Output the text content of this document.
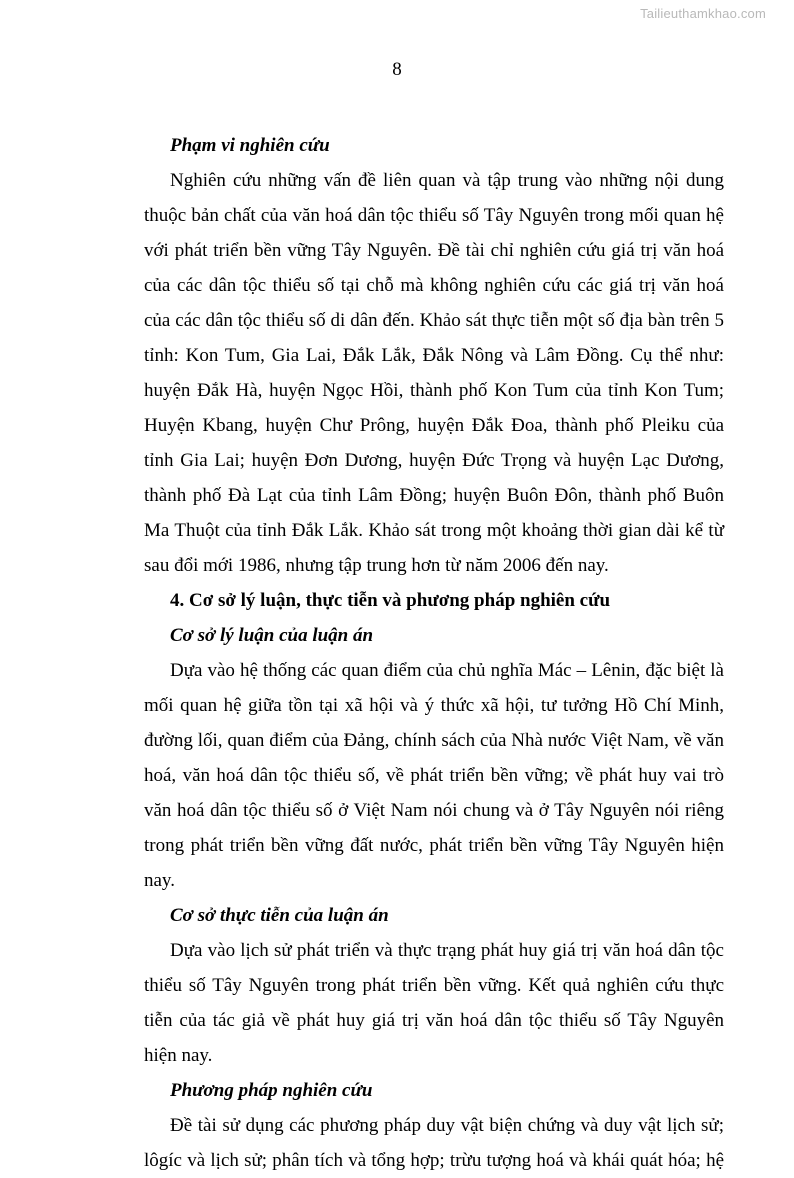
Tailieuthamkhao.com
8

Phạm vi nghiên cứu

Nghiên cứu những vấn đề liên quan và tập trung vào những nội dung thuộc bản chất của văn hoá dân tộc thiểu số Tây Nguyên trong mối quan hệ với phát triển bền vững Tây Nguyên. Đề tài chỉ nghiên cứu giá trị văn hoá của các dân tộc thiểu số tại chỗ mà không nghiên cứu các giá trị văn hoá của các dân tộc thiểu số di dân đến. Khảo sát thực tiễn một số địa bàn trên 5 tỉnh: Kon Tum, Gia Lai, Đắk Lắk, Đắk Nông và Lâm Đồng. Cụ thể như: huyện Đắk Hà, huyện Ngọc Hồi, thành phố Kon Tum của tỉnh Kon Tum; Huyện Kbang, huyện Chư Prông, huyện Đắk Đoa, thành phố Pleiku của tỉnh Gia Lai; huyện Đơn Dương, huyện Đức Trọng và huyện Lạc Dương, thành phố Đà Lạt của tỉnh Lâm Đồng; huyện Buôn Đôn, thành phố Buôn Ma Thuột của tỉnh Đắk Lắk. Khảo sát trong một khoảng thời gian dài kể từ sau đổi mới 1986, nhưng tập trung hơn từ năm 2006 đến nay.

4. Cơ sở lý luận, thực tiễn và phương pháp nghiên cứu

Cơ sở lý luận của luận án

Dựa vào hệ thống các quan điểm của chủ nghĩa Mác – Lênin, đặc biệt là mối quan hệ giữa tồn tại xã hội và ý thức xã hội, tư tưởng Hồ Chí Minh, đường lối, quan điểm của Đảng, chính sách của Nhà nước Việt Nam, về văn hoá, văn hoá dân tộc thiểu số, về phát triển bền vững; về phát huy vai trò văn hoá dân tộc thiểu số ở Việt Nam nói chung và ở Tây Nguyên nói riêng trong phát triển bền vững đất nước, phát triển bền vững Tây Nguyên hiện nay.

Cơ sở thực tiễn của luận án

Dựa vào lịch sử phát triển và thực trạng phát huy giá trị văn hoá dân tộc thiểu số Tây Nguyên trong phát triển bền vững. Kết quả nghiên cứu thực tiễn của tác giả về phát huy giá trị văn hoá dân tộc thiểu số Tây Nguyên hiện nay.

Phương pháp nghiên cứu

Đề tài sử dụng các phương pháp duy vật biện chứng và duy vật lịch sử; lôgíc và lịch sử; phân tích và tổng hợp; trừu tượng hoá và khái quát hóa; hệ
